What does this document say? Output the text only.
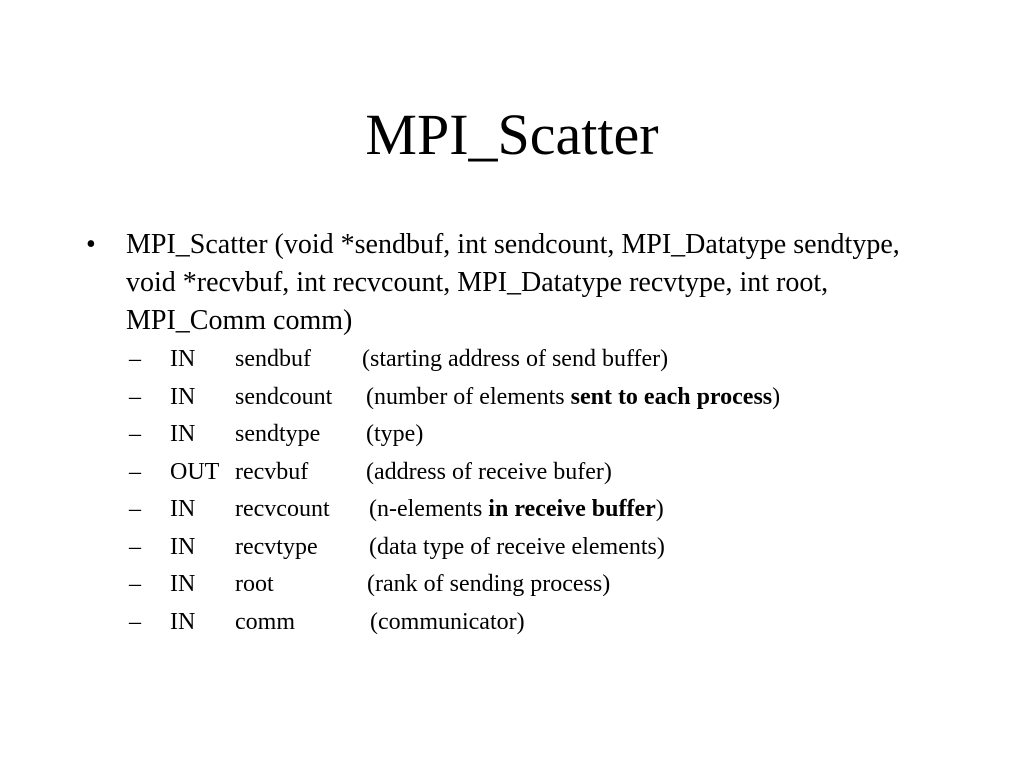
MPI_Scatter
• MPI_Scatter (void *sendbuf, int sendcount, MPI_Datatype sendtype, void *recvbuf, int recvcount, MPI_Datatype recvtype, int root, MPI_Comm comm)
– IN sendbuf (starting address of send buffer)
– IN sendcount (number of elements sent to each process)
– IN sendtype (type)
– OUT recvbuf (address of receive bufer)
– IN recvcount (n-elements in receive buffer)
– IN recvtype (data type of receive elements)
– IN root	(rank of sending process)
– IN comm	(communicator)
